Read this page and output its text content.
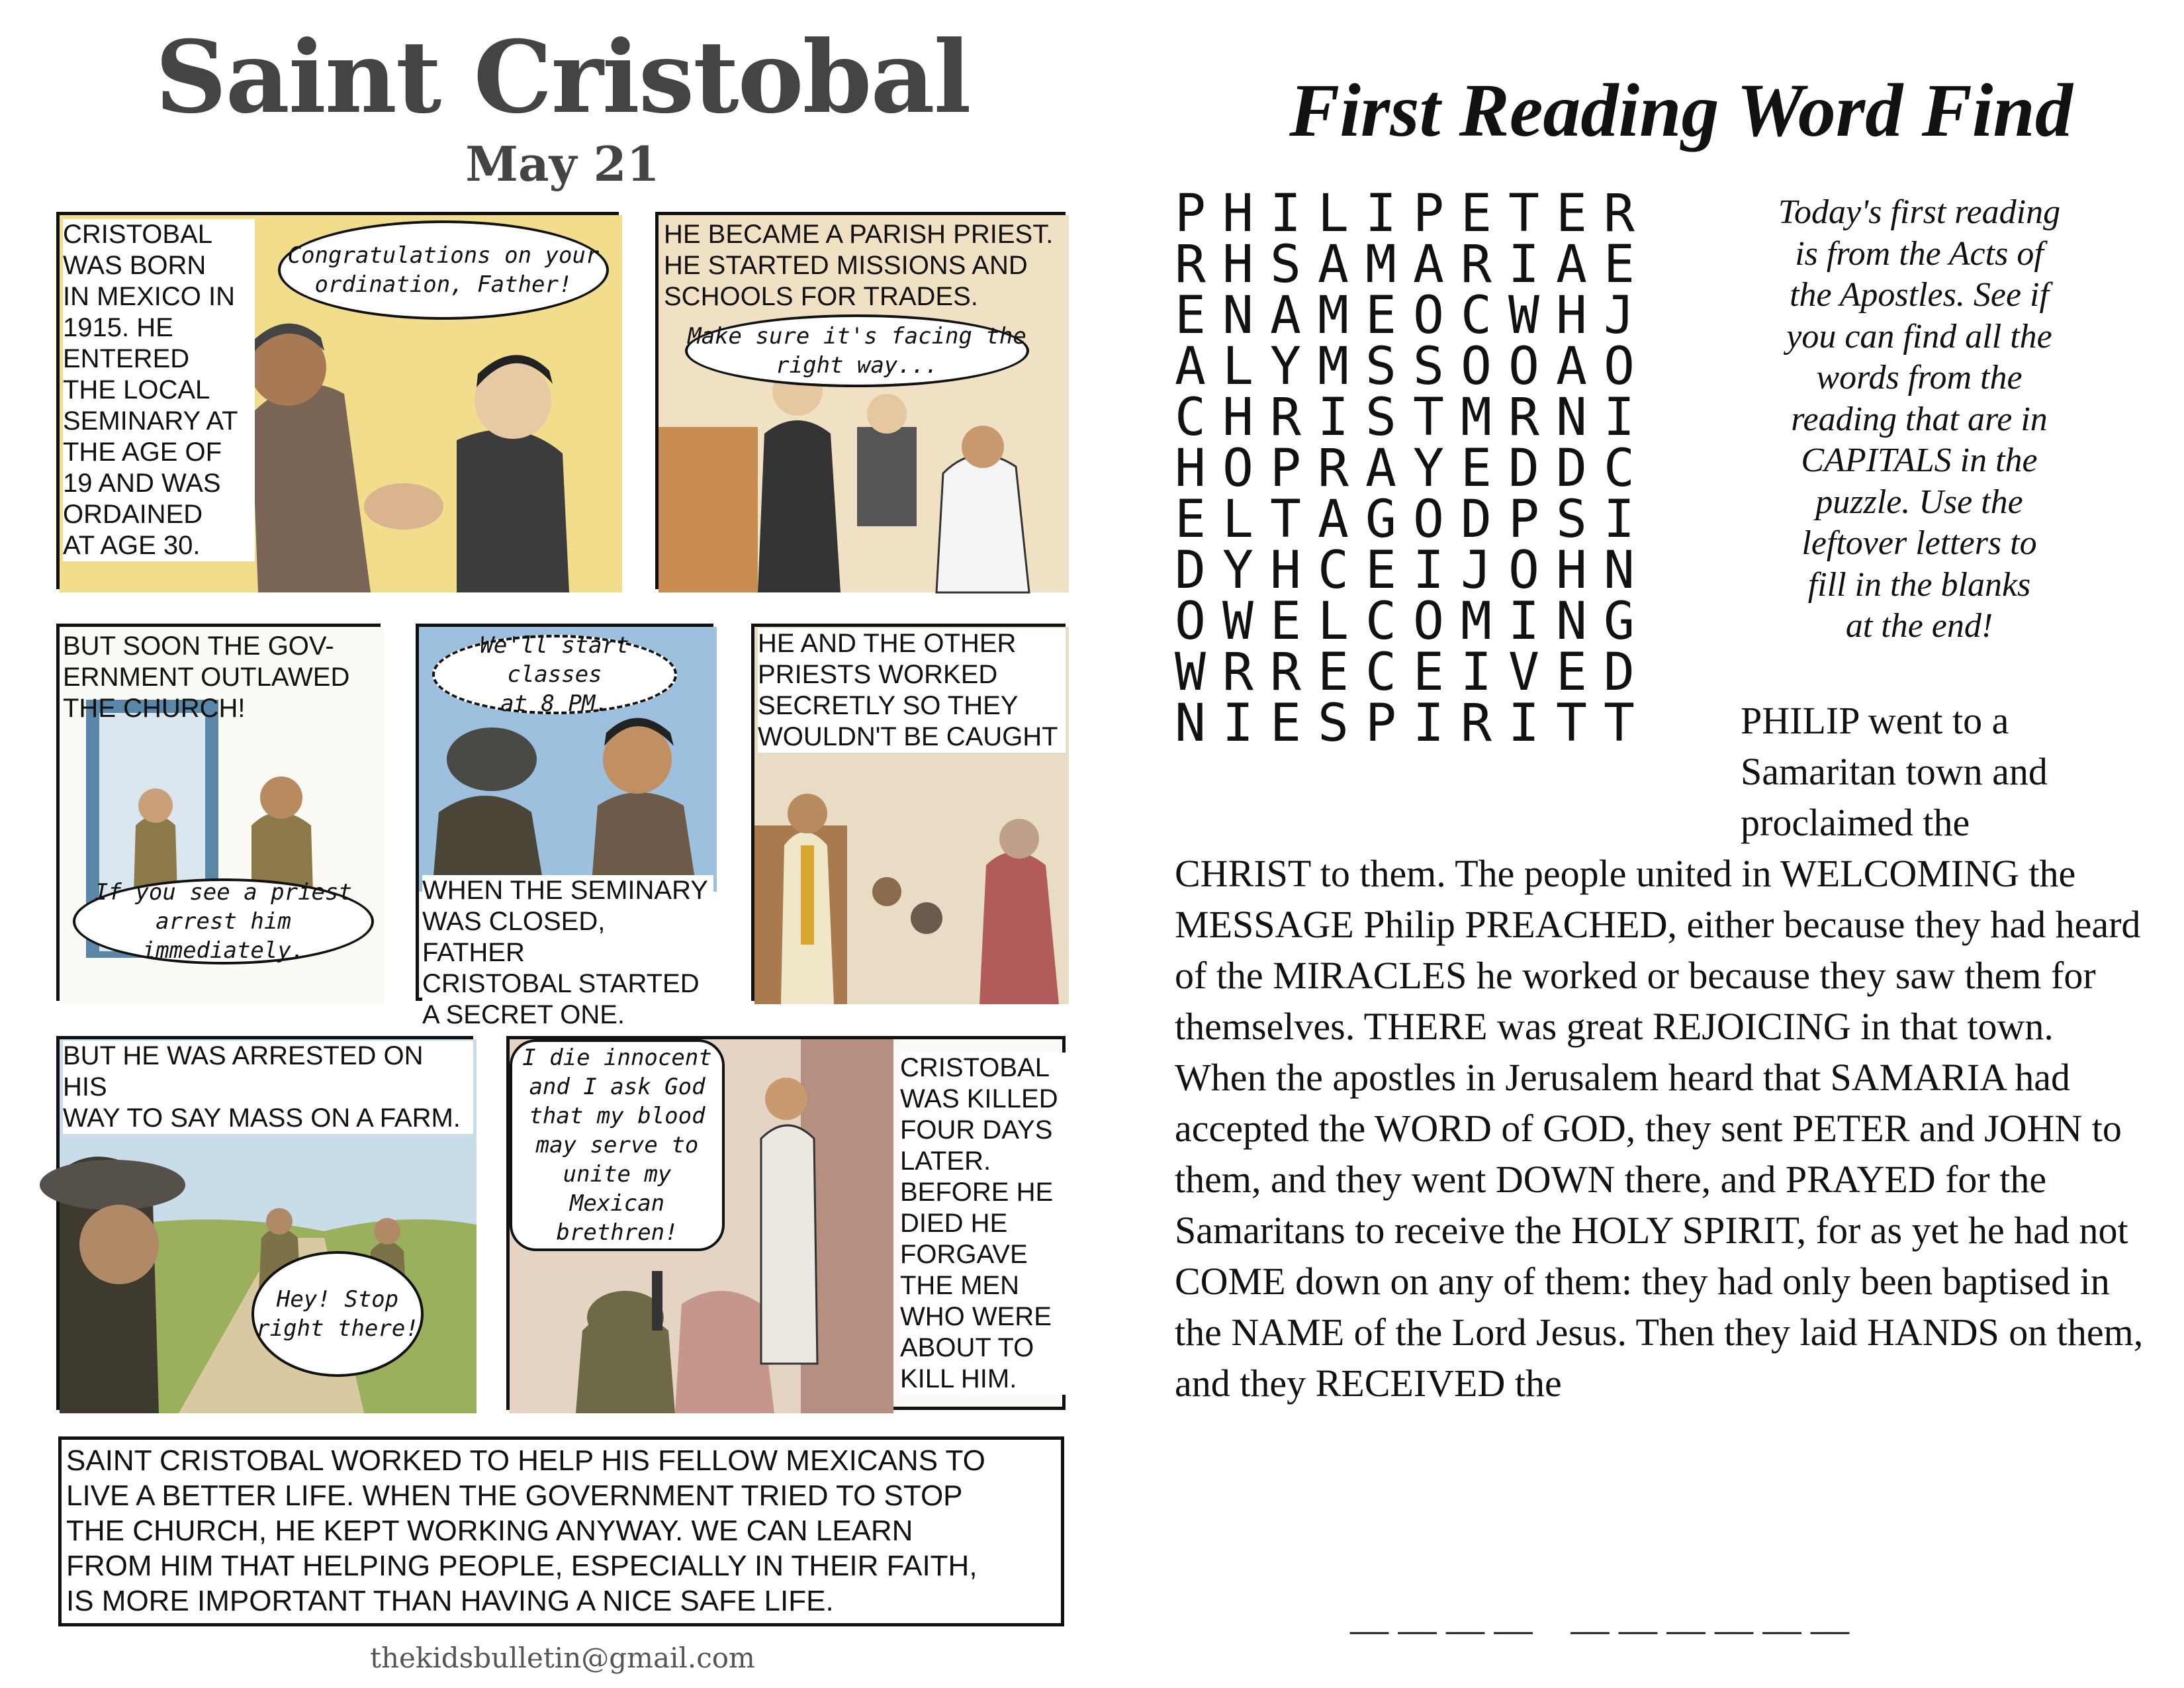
Saint Cristobal
May 21
CRISTOBAL
WAS BORN
IN MEXICO IN
1915. HE
ENTERED
THE LOCAL
SEMINARY AT
THE AGE OF
19 AND WAS
ORDAINED
AT AGE 30.
Congratulations on your
ordination, Father!
HE BECAME A PARISH PRIEST.
HE STARTED MISSIONS AND
SCHOOLS FOR TRADES.
Make sure it's facing the
right way...
BUT SOON THE GOV-
ERNMENT OUTLAWED
THE CHURCH!
you see a priest
arrest him immediately.
We'll start classes
at 8 PM.
WHEN THE SEMINARY
WAS CLOSED, FATHER
CRISTOBAL STARTED
A SECRET ONE.
HE AND THE OTHER
PRIESTS WORKED
SECRETLY SO THEY
WOULDN'T BE CAUGHT
BUT HE WAS ARRESTED ON HIS
WAY TO SAY MASS ON A FARM.
Hey! Stop
right there!
I die innocent
and I ask God
that my blood
may serve to
unite my Mexican
brethren!
CRISTOBAL
WAS KILLED
FOUR DAYS
LATER.
BEFORE HE
DIED HE
FORGAVE
THE MEN
WHO WERE
ABOUT TO
KILL HIM.
SAINT CRISTOBAL WORKED TO HELP HIS FELLOW MEXICANS TO
LIVE A BETTER LIFE. WHEN THE GOVERNMENT TRIED TO STOP
THE CHURCH, HE KEPT WORKING ANYWAY. WE CAN LEARN
FROM HIM THAT HELPING PEOPLE, ESPECIALLY IN THEIR FAITH,
IS MORE IMPORTANT THAN HAVING A NICE SAFE LIFE.
thekidsbulletin@gmail.com
First Reading Word Find
P H I L I P E T E R
R H S A M A R I A E
E N A M E O C W H J
A L Y M S S O O A O
C H R I S T M R N I
H O P R A Y E D D C
E L T A G O D P S I
D Y H C E I J O H N
O W E L C O M I N G
W R R E C E I V E D
N I E S P I R I T T
Today's first reading
is from the Acts of
the Apostles. See if
you can find all the
words from the
reading that are in
CAPITALS in the
puzzle. Use the
leftover letters to
fill in the blanks
at the end!
PHILIP went to a Samaritan town and proclaimed the
CHRIST to them. The people united in WELCOMING the MESSAGE Philip PREACHED, either because they had heard of the MIRACLES he worked or because they saw them for themselves. THERE was great REJOICING in that town.
When the apostles in Jerusalem heard that SAMARIA had accepted the WORD of GOD, they sent PETER and JOHN to them, and they went DOWN there, and PRAYED for the Samaritans to receive the HOLY SPIRIT, for as yet he had not COME down on any of them: they had only been baptised in the NAME of the Lord Jesus. Then they laid HANDS on them, and they RECEIVED the
__ __ __ __    __ __ __ __ __ __
